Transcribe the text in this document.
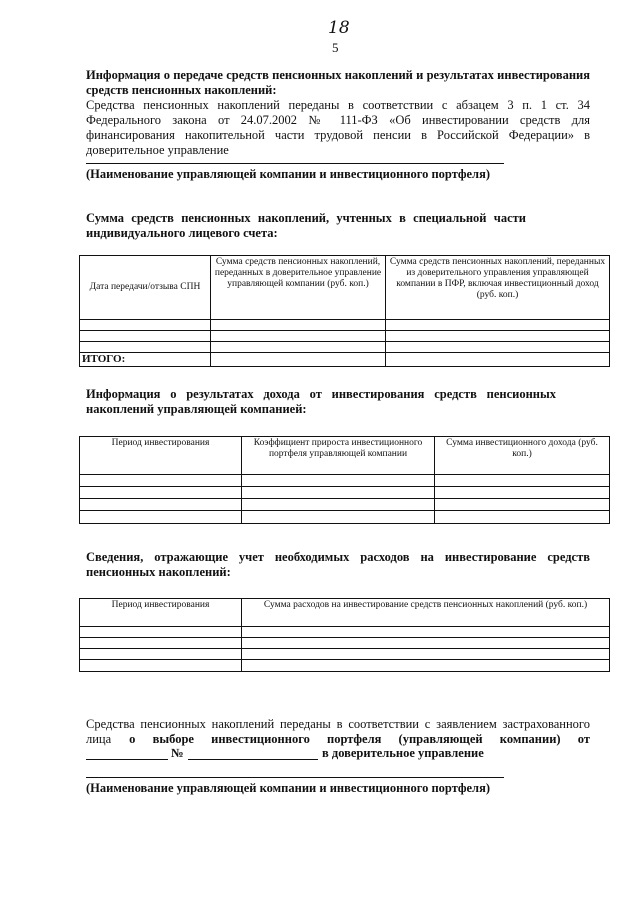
18
5
Информация о передаче средств пенсионных накоплений и результатах инвестирования средств пенсионных накоплений:
Средства пенсионных накоплений переданы в соответствии с абзацем 3 п. 1 ст. 34 Федерального закона от 24.07.2002 № 111-ФЗ «Об инвестировании средств для финансирования накопительной части трудовой пенсии в Российской Федерации» в доверительное управление
(Наименование управляющей компании и инвестиционного портфеля)
Сумма средств пенсионных накоплений, учтенных в специальной части индивидуального лицевого счета:
Дата передачи/отзыва СПН	Сумма средств пенсионных накоплений, переданных в доверительное управление управляющей компании (руб. коп.)	Сумма средств пенсионных накоплений, переданных из доверительного управления управляющей компании в ПФР, включая инвестиционный доход (руб. коп.)

ИТОГО:		
Информация о результатах дохода от инвестирования средств пенсионных накоплений управляющей компанией:
Период инвестирования	Коэффициент прироста инвестиционного портфеля управляющей компании	Сумма инвестиционного дохода (руб. коп.)

Сведения, отражающие учет необходимых расходов на инвестирование средств пенсионных накоплений:
Период инвестирования	Сумма расходов на инвестирование средств пенсионных накоплений (руб. коп.)

Средства пенсионных накоплений переданы в соответствии с заявлением застрахованного
лица о выборе инвестиционного портфеля (управляющей компании) от
№	в доверительное управление
(Наименование управляющей компании и инвестиционного портфеля)
